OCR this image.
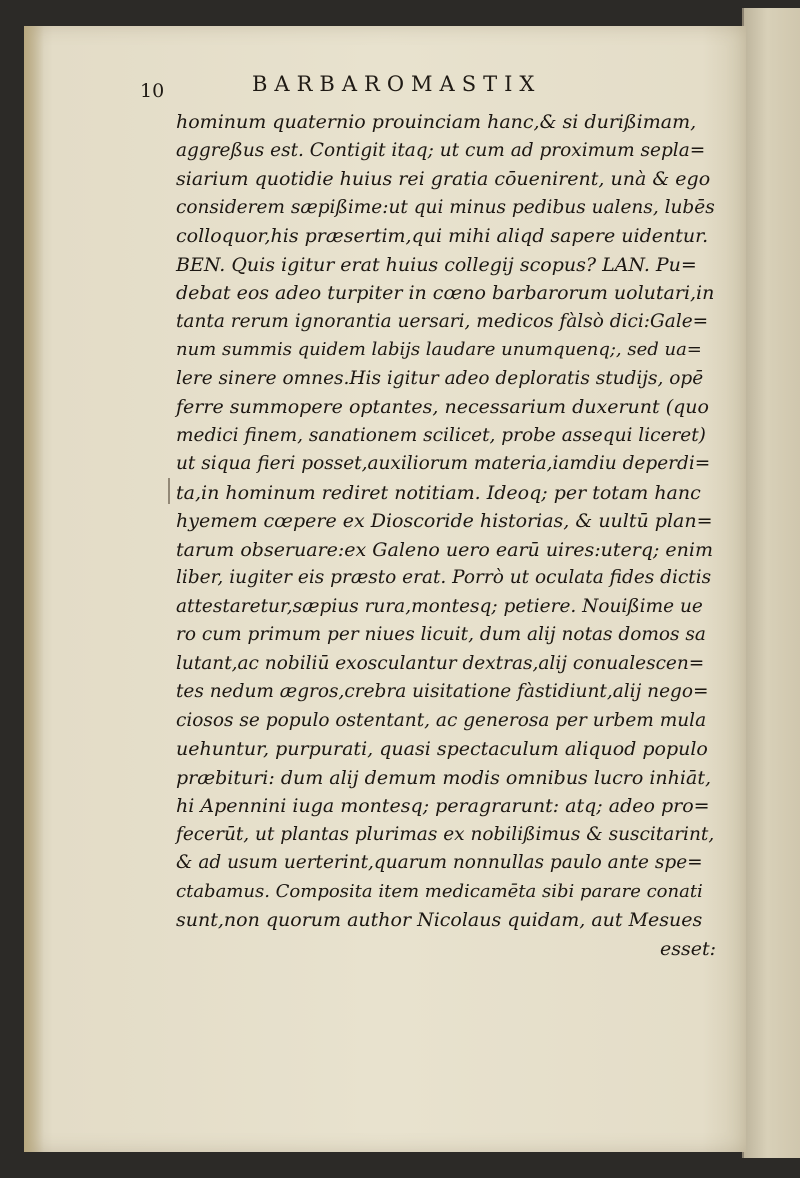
10	BARBAROMASTIX
hominum quaternio prouinciam hanc,& si durißimam,
aggreßus est. Contigit itaq; ut cum ad proximum sepla=
siarium quotidie huius rei gratia cōuenirent, unà & ego
considerem sæpißime:ut qui minus pedibus ualens, lubēs
colloquor,his præsertim,qui mihi aliqd sapere uidentur.
BEN. Quis igitur erat huius collegij scopus? LAN. Pu=
debat eos adeo turpiter in cœno barbarorum uolutari,in
tanta rerum ignorantia uersari, medicos fàlsò dici:Gale=
num summis quidem labijs laudare unumquenq;, sed ua=
lere sinere omnes.His igitur adeo deploratis studijs, opē
ferre summopere optantes, necessarium duxerunt (quo
medici finem, sanationem scilicet, probe assequi liceret)
ut siqua fieri posset,auxiliorum materia,iamdiu deperdi=
ta,in hominum rediret notitiam. Ideoq; per totam hanc
hyemem cœpere ex Dioscoride historias, & uultū plan=
tarum obseruare:ex Galeno uero earū uires:uterq; enim
liber, iugiter eis præsto erat. Porrò ut oculata fides dictis
attestaretur,sæpius rura,montesq; petiere. Nouißime ue
ro cum primum per niues licuit, dum alij notas domos sa
lutant,ac nobiliū exosculantur dextras,alij conualescen=
tes nedum ægros,crebra uisitatione fàstidiunt,alij nego=
ciosos se populo ostentant, ac generosa per urbem mula
uehuntur, purpurati, quasi spectaculum aliquod populo
præbituri: dum alij demum modis omnibus lucro inhiāt,
hi Apennini iuga montesq; peragrarunt: atq; adeo pro=
fecerūt, ut plantas plurimas ex nobilißimus & suscitarint,
& ad usum uerterint,quarum nonnullas paulo ante spe=
ctabamus. Composita item medicamēta sibi parare conati
sunt,non quorum author Nicolaus quidam, aut Mesues
esset:
